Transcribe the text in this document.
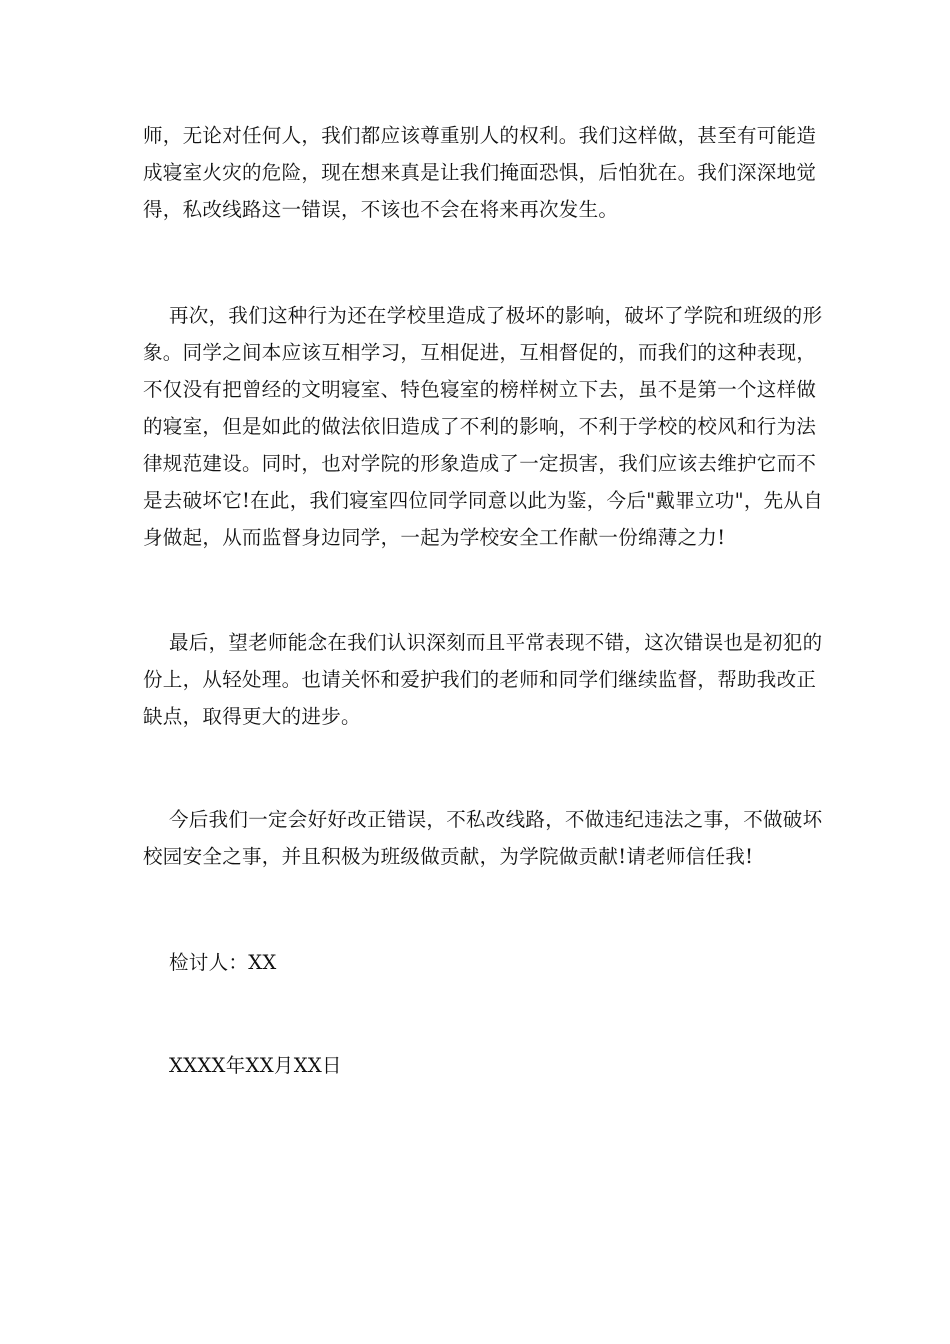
师，无论对任何人，我们都应该尊重别人的权利。我们这样做，甚至有可能造
成寝室火灾的危险，现在想来真是让我们掩面恐惧，后怕犹在。我们深深地觉
得，私改线路这一错误，不该也不会在将来再次发生。

再次，我们这种行为还在学校里造成了极坏的影响，破坏了学院和班级的形
象。同学之间本应该互相学习，互相促进，互相督促的，而我们的这种表现，
不仅没有把曾经的文明寝室、特色寝室的榜样树立下去，虽不是第一个这样做
的寝室，但是如此的做法依旧造成了不利的影响，不利于学校的校风和行为法
律规范建设。同时，也对学院的形象造成了一定损害，我们应该去维护它而不
是去破坏它!在此，我们寝室四位同学同意以此为鉴，今后"戴罪立功"，先从自
身做起，从而监督身边同学，一起为学校安全工作献一份绵薄之力!

最后，望老师能念在我们认识深刻而且平常表现不错，这次错误也是初犯的
份上，从轻处理。也请关怀和爱护我们的老师和同学们继续监督，帮助我改正
缺点，取得更大的进步。

今后我们一定会好好改正错误，不私改线路，不做违纪违法之事，不做破坏
校园安全之事，并且积极为班级做贡献，为学院做贡献!请老师信任我!

检讨人：XX

XXXX年XX月XX日
